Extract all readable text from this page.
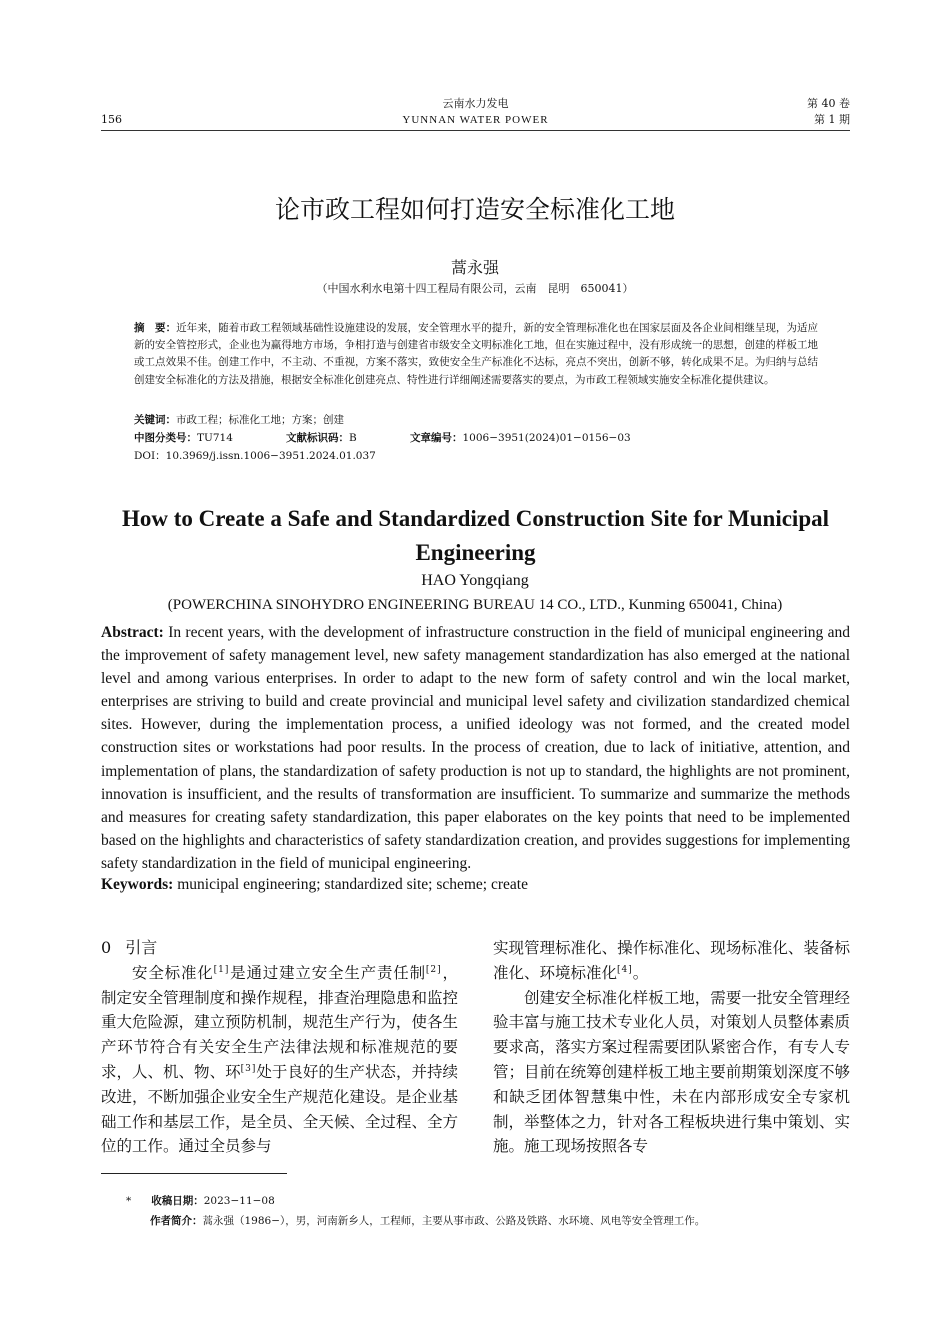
156
云南水力发电
YUNNAN WATER POWER
第 40 卷
第 1 期
论市政工程如何打造安全标准化工地
蒿永强
（中国水利水电第十四工程局有限公司，云南　昆明　650041）
摘　要：近年来，随着市政工程领域基础性设施建设的发展，安全管理水平的提升，新的安全管理标准化也在国家层面及各企业间相继呈现，为适应新的安全管控形式，企业也为赢得地方市场，争相打造与创建省市级安全文明标准化工地，但在实施过程中，没有形成统一的思想，创建的样板工地或工点效果不佳。创建工作中，不主动、不重视，方案不落实，致使安全生产标准化不达标，亮点不突出，创新不够，转化成果不足。为归纳与总结创建安全标准化的方法及措施，根据安全标准化创建亮点、特性进行详细阐述需要落实的要点，为市政工程领域实施安全标准化提供建议。
关键词：市政工程；标准化工地；方案；创建
中图分类号：TU714	文献标识码：B	文章编号：1006−3951(2024)01−0156−03
DOI：10.3969/j.issn.1006−3951.2024.01.037
How to Create a Safe and Standardized Construction Site for Municipal Engineering
HAO Yongqiang
(POWERCHINA SINOHYDRO ENGINEERING BUREAU 14 CO., LTD., Kunming 650041, China)
Abstract: In recent years, with the development of infrastructure construction in the field of municipal engineering and the improvement of safety management level, new safety management standardization has also emerged at the national level and among various enterprises. In order to adapt to the new form of safety control and win the local market, enterprises are striving to build and create provincial and municipal level safety and civilization standardized chemical sites. However, during the implementation process, a unified ideology was not formed, and the created model construction sites or workstations had poor results. In the process of creation, due to lack of initiative, attention, and implementation of plans, the standardization of safety production is not up to standard, the highlights are not prominent, innovation is insufficient, and the results of transformation are insufficient. To summarize and summarize the methods and measures for creating safety standardization, this paper elaborates on the key points that need to be implemented based on the highlights and characteristics of safety standardization creation, and provides suggestions for implementing safety standardization in the field of municipal engineering.
Keywords: municipal engineering; standardized site; scheme; create
0 引言

安全标准化[1]是通过建立安全生产责任制[2]，制定安全管理制度和操作规程，排查治理隐患和监控重大危险源，建立预防机制，规范生产行为，使各生产环节符合有关安全生产法律法规和标准规范的要求，人、机、物、环[3]处于良好的生产状态，并持续改进，不断加强企业安全生产规范化建设。是企业基础工作和基层工作，是全员、全天候、全过程、全方位的工作。通过全员参与

实现管理标准化、操作标准化、现场标准化、装备标准化、环境标准化[4]。

创建安全标准化样板工地，需要一批安全管理经验丰富与施工技术专业化人员，对策划人员整体素质要求高，落实方案过程需要团队紧密合作，有专人专管；目前在统筹创建样板工地主要前期策划深度不够和缺乏团体智慧集中性，未在内部形成安全专家机制，举整体之力，针对各工程板块进行集中策划、实施。施工现场按照各专

* 收稿日期：2023−11−08
作者简介：蒿永强（1986−），男，河南新乡人，工程师，主要从事市政、公路及铁路、水环境、风电等安全管理工作。
